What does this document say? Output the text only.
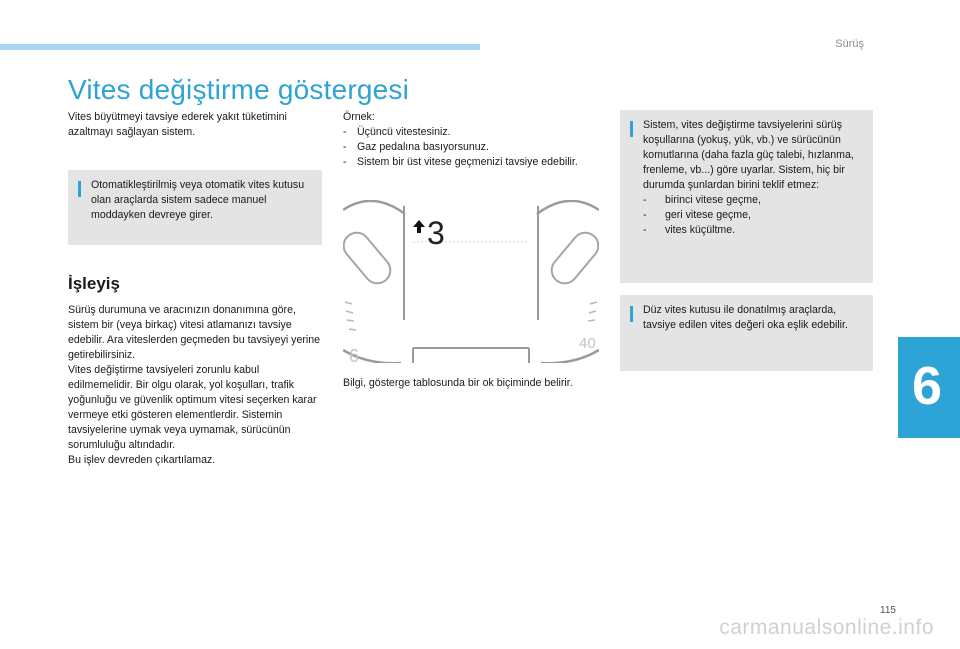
Sürüş
Vites değiştirme göstergesi
Vites büyütmeyi tavsiye ederek yakıt tüketimini azaltmayı sağlayan sistem.
Otomatikleştirilmiş veya otomatik vites kutusu olan araçlarda sistem sadece manuel moddayken devreye girer.
İşleyiş
Sürüş durumuna ve aracınızın donanımına göre, sistem bir (veya birkaç) vitesi atlamanızı tavsiye edebilir. Ara viteslerden geçmeden bu tavsiyeyi yerine getirebilirsiniz.
Vites değiştirme tavsiyeleri zorunlu kabul edilmemelidir. Bir olgu olarak, yol koşulları, trafik yoğunluğu ve güvenlik optimum vitesi seçerken karar vermeye etki gösteren elementlerdir. Sistemin tavsiyelerine uymak veya uymamak, sürücünün sorumluluğu altındadır.
Bu işlev devreden çıkartılamaz.
Örnek:
- Üçüncü vitestesiniz.
- Gaz pedalına basıyorsunuz.
- Sistem bir üst vitese geçmenizi tavsiye edebilir.
3
6
40
Bilgi, gösterge tablosunda bir ok biçiminde belirir.
Sistem, vites değiştirme tavsiyelerini sürüş koşullarına (yokuş, yük, vb.) ve sürücünün komutlarına (daha fazla güç talebi, hızlanma, frenleme, vb...) göre uyarlar. Sistem, hiç bir durumda şunlardan birini teklif etmez:
- birinci vitese geçme,
- geri vitese geçme,
- vites küçültme.
Düz vites kutusu ile donatılmış araçlarda, tavsiye edilen vites değeri oka eşlik edebilir.
6
115
carmanualsonline.info
